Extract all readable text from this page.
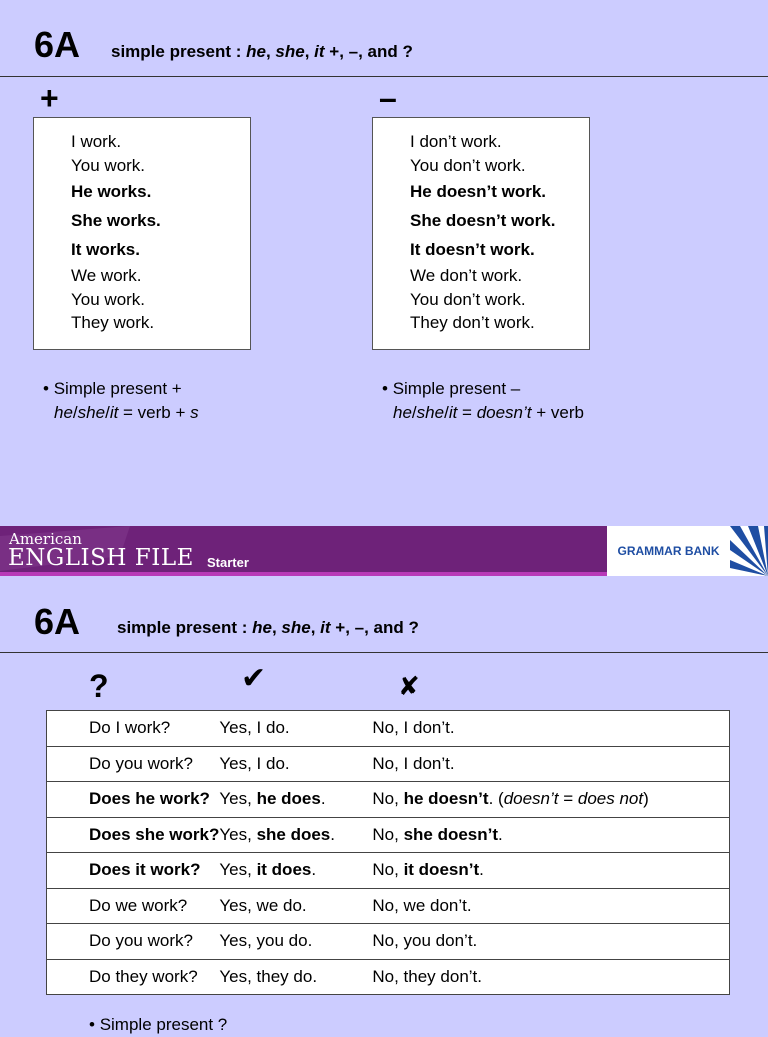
6A simple present : he, she, it +, –, and ?
+	–
I work.
You work.
He works.
She works.
It works.
We work.
You work.
They work.
I don’t work.
You don’t work.
He doesn’t work.
She doesn’t work.
It doesn’t work.
We don’t work.
You don’t work.
They don’t work.
• Simple present +
he/she/it = verb + s
• Simple present –
he/she/it = doesn’t + verb
American
ENGLISH FILE Starter
GRAMMAR BANK
6A simple present : he, she, it +, –, and ?
?	✔	✘
Do I work?	Yes, I do.	No, I don’t.
Do you work?	Yes, I do.	No, I don’t.
Does he work?	Yes, he does.	No, he doesn’t. (doesn’t = does not)
Does she work?	Yes, she does.	No, she doesn’t.
Does it work?	Yes, it does.	No, it doesn’t.
Do we work?	Yes, we do.	No, we don’t.
Do you work?	Yes, you do.	No, you don’t.
Do they work?	Yes, they do.	No, they don’t.
• Simple present ?
